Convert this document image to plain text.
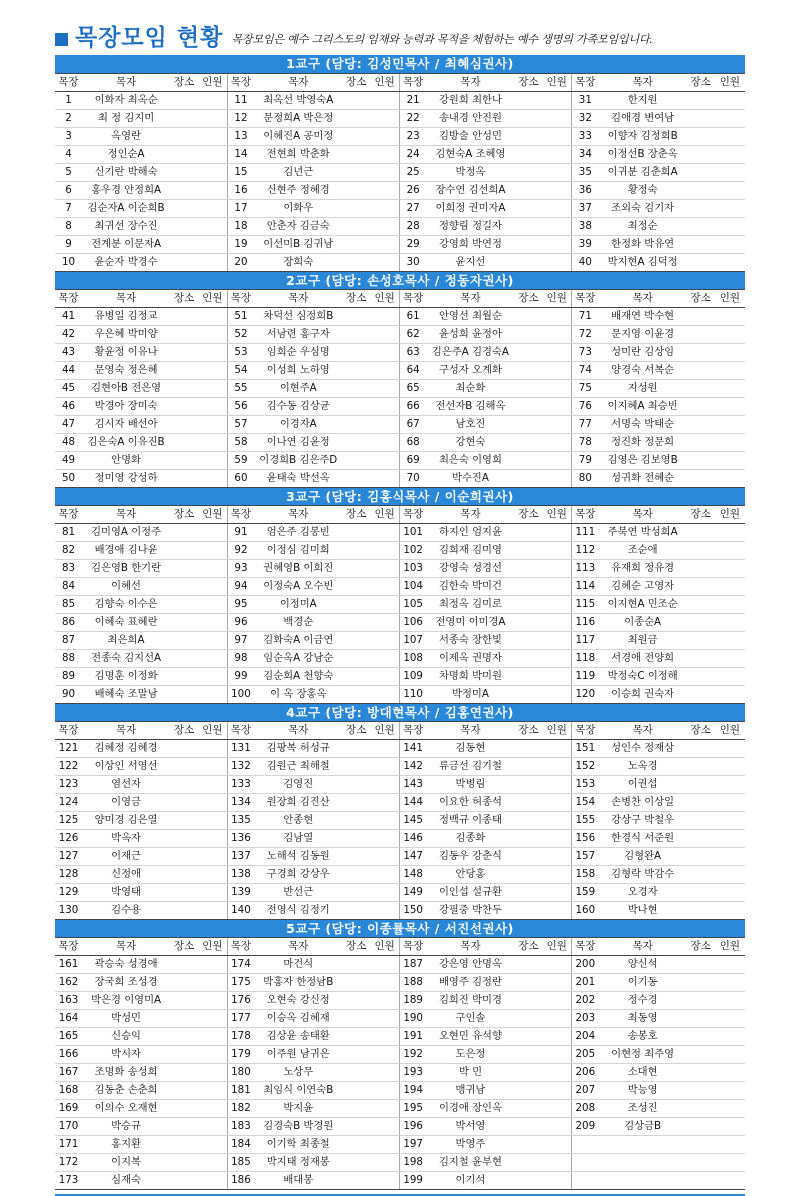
목장모임 현황 목장모임은 예수 그리스도의 임재와 능력과 목적을 체험하는 예수 생명의 가족모임입니다.
1교구 (담당: 김성민목사 / 최혜심권사)															
목장	목자	장소	인원	목장	목자	장소	인원	목장	목자	장소	인원	목장	목자	장소	인원
1	이화자 최옥순			11	최옥선 박영숙A			21	강원희 최한나			31	한지원		
2	최 정 김지미			12	문정희A 박은정			22	송내경 안진원			32	김애경 변여남		
3	옥영란			13	이혜진A 공미정			23	김방술 안성민			33	이향자 김정희B		
4	정인순A			14	전현희 박춘화			24	김현숙A 조혜영			34	이정선B 장춘옥		
5	신기란 박해숙			15	김년근			25	박정옥			35	이귀분 김춘희A		
6	홍우경 안정희A			16	신현주 정혜경			26	장수연 김선희A			36	황정숙		
7	김순자A 이순희B			17	이화우			27	이희정 권미자A			37	조외숙 김기자		
8	최귀선 장수진			18	안춘자 김금숙			28	정향림 정길자			38	최정순		
9	전계분 이문자A			19	이선미B 김귀남			29	강영희 박연정			39	한정화 박유연		
10	윤순자 박경수			20	장희숙			30	윤지선			40	박지현A 김덕정		
2교구 (담당: 손성호목사 / 정동자권사)															
목장	목자	장소	인원	목장	목자	장소	인원	목장	목자	장소	인원	목장	목자	장소	인원
41	유병일 김정교			51	차덕선 심정희B			61	안영선 최월순			71	배재연 박수현		
42	우은혜 박미양			52	서남련 홍구자			62	윤성희 윤정아			72	문지영 이윤경		
43	황윤정 이유나			53	임희순 우심명			63	김은주A 김경숙A			73	성미란 김상임		
44	문영숙 정은혜			54	이성희 노하영			64	구성자 오계화			74	양경숙 서복순		
45	김현아B 전은영			55	이현주A			65	최순화			75	지성원		
46	박경아 장미숙			56	김수동 김상균			66	전선자B 김해옥			76	이지혜A 최승빈		
47	김시자 배선아			57	이경자A			67	남호진			77	서명숙 박태순		
48	김은숙A 이유진B			58	이나연 김윤정			68	강현숙			78	정진화 정문희		
49	안명화			59	이경희B 김은주D			69	최은숙 이영희			79	김영은 김보영B		
50	정미영 강성하			60	윤태숙 박선옥			70	박수진A			80	성귀화 전혜순		
3교구 (담당: 김홍식목사 / 이순희권사)															
목장	목자	장소	인원	목장	목자	장소	인원	목장	목자	장소	인원	목장	목자	장소	인원
81	김미영A 이정주			91	엄은주 김봉빈			101	하지인 엄지윤			111	주북연 박성희A		
82	배경애 김나윤			92	이정심 김미희			102	김희재 김미영			112	조순애		
83	김은영B 한기란			93	권혜영B 이희진			103	강영숙 성경선			113	유재희 정유경		
84	이혜선			94	이정숙A 오수빈			104	김한숙 박미건			114	김혜순 고영자		
85	김향숙 이수은			95	이정미A			105	최정옥 김미로			115	이지현A 민조순		
86	이혜숙 표혜란			96	백경순			106	전영미 이미경A			116	이종순A		
87	최은희A			97	김화숙A 이금연			107	서종숙 장한빛			117	최원금		
88	전종숙 김지선A			98	임순옥A 강남순			108	이제옥 권명자			118	서경애 전양희		
89	김명훈 이정화			99	김순희A 천향숙			109	차명희 박미원			119	박정숙C 이정해		
90	배혜숙 조말남			100	이 옥 장홍옥			110	박정미A			120	이승희 권숙자		
4교구 (담당: 방대현목사 / 김홍연권사)															
목장	목자	장소	인원	목장	목자	장소	인원	목장	목자	장소	인원	목장	목자	장소	인원
121	김혜정 김혜경			131	김팡복 허성규			141	김동현			151	성인수 정재삼		
122	이상인 서영선			132	김원근 최해철			142	류금선 김기철			152	노옥경		
123	염선자			133	김영진			143	박병림			153	이권섭		
124	이영금			134	원장희 김진산			144	이요한 허종석			154	손병찬 이상일		
125	양미경 김은열			135	안종현			145	정백규 이종태			155	강상구 박철우		
126	박옥자			136	김남열			146	김종화			156	한경식 서준원		
127	이재근			137	노해석 김동원			147	김동우 강춘식			157	김형완A		
128	신정애			138	구경희 강상우			148	안당홍			158	김형락 박감수		
129	박영태			139	반선근			149	이인섭 설규환			159	오경자		
130	김수용			140	전영식 김정기			150	강필중 박찬두			160	박나현		
5교구 (담당: 이종률목사 / 서진선권사)															
목장	목자	장소	인원	목장	목자	장소	인원	목장	목자	장소	인원	목장	목자	장소	인원
161	곽승숙 성경애			174	마건식			187	강은영 안명옥			200	양신석		
162	장국희 조성경			175	박홍자 한정남B			188	배영주 김정란			201	이기동		
163	박은경 이영미A			176	오현숙 강신정			189	김희진 박미경			202	정수경		
164	박성민			177	이승옥 김혜재			190	구인솔			203	최동영		
165	신승익			178	김상윤 송태환			191	오현민 유석향			204	송봉호		
166	박시자			179	이주원 남귀은			192	도은정			205	이현정 최주영		
167	조명화 송성희			180	노상무			193	박 민			206	소대현		
168	김동춘 손춘희			181	최임식 이연숙B			194	맹귀남			207	박능영		
169	이의수 오재현			182	박지윤			195	이경애 장인옥			208	조성진		
170	박승규			183	김경숙B 박경원			196	박서영			209	김상금B		
171	홍지환			184	이기학 최종철			197	박영주						
172	이지복			185	박지태 정재봉			198	김지철 윤부현						
173	심재숙			186	배대봉			199	이기석						
